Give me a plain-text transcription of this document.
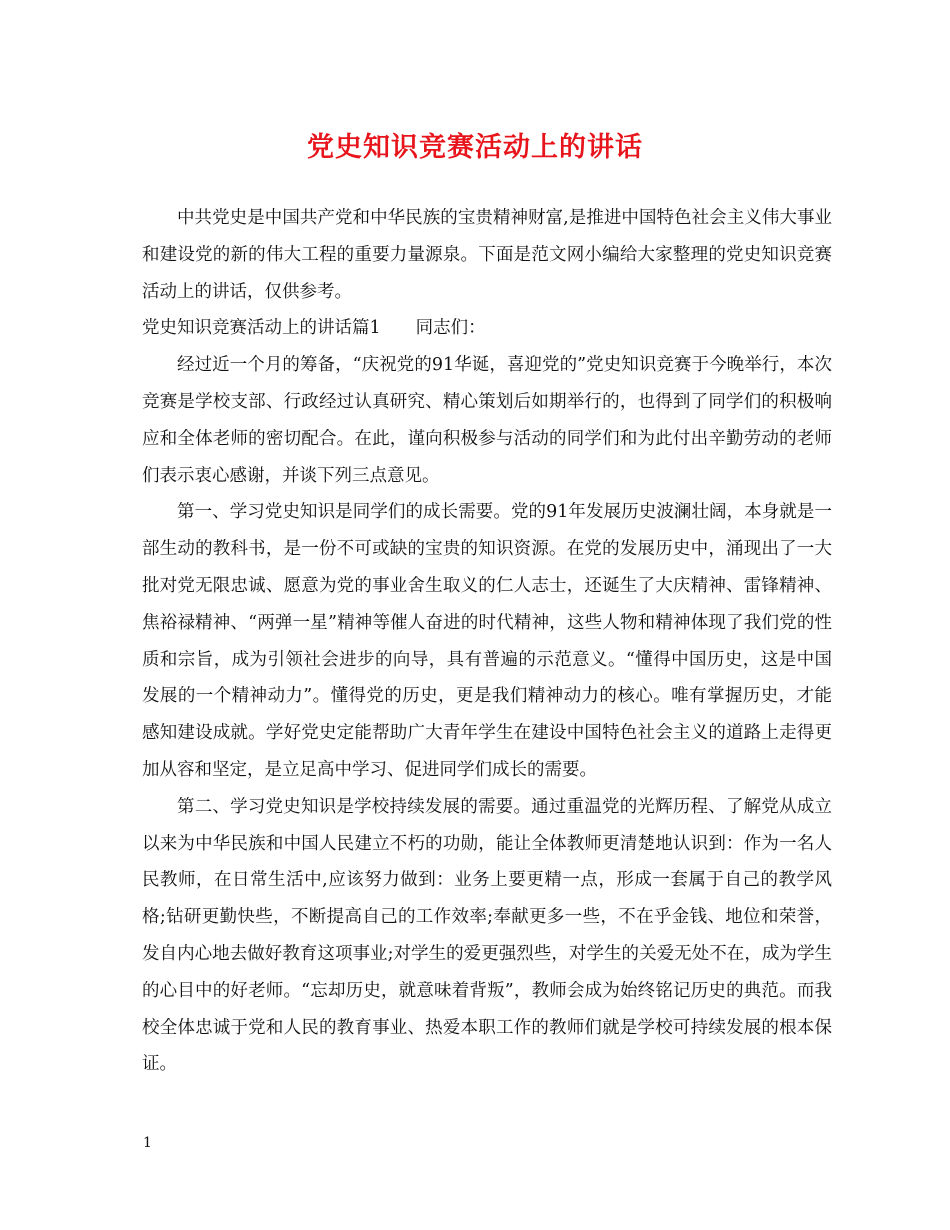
党史知识竞赛活动上的讲话

中共党史是中国共产党和中华民族的宝贵精神财富,是推进中国特色社会主义伟大事业和建设党的新的伟大工程的重要力量源泉。下面是范文网小编给大家整理的党史知识竞赛活动上的讲话，仅供参考。

党史知识竞赛活动上的讲话篇1　　同志们：

经过近一个月的筹备，“庆祝党的91华诞，喜迎党的”党史知识竞赛于今晚举行，本次竞赛是学校支部、行政经过认真研究、精心策划后如期举行的，也得到了同学们的积极响应和全体老师的密切配合。在此，谨向积极参与活动的同学们和为此付出辛勤劳动的老师们表示衷心感谢，并谈下列三点意见。

第一、学习党史知识是同学们的成长需要。党的91年发展历史波澜壮阔，本身就是一部生动的教科书，是一份不可或缺的宝贵的知识资源。在党的发展历史中，涌现出了一大批对党无限忠诚、愿意为党的事业舍生取义的仁人志士，还诞生了大庆精神、雷锋精神、焦裕禄精神、“两弹一星”精神等催人奋进的时代精神，这些人物和精神体现了我们党的性质和宗旨，成为引领社会进步的向导，具有普遍的示范意义。“懂得中国历史，这是中国发展的一个精神动力”。懂得党的历史，更是我们精神动力的核心。唯有掌握历史，才能感知建设成就。学好党史定能帮助广大青年学生在建设中国特色社会主义的道路上走得更加从容和坚定，是立足高中学习、促进同学们成长的需要。

第二、学习党史知识是学校持续发展的需要。通过重温党的光辉历程、了解党从成立以来为中华民族和中国人民建立不朽的功勋，能让全体教师更清楚地认识到：作为一名人民教师，在日常生活中,应该努力做到：业务上要更精一点，形成一套属于自己的教学风格;钻研更勤快些，不断提高自己的工作效率;奉献更多一些，不在乎金钱、地位和荣誉，发自内心地去做好教育这项事业;对学生的爱更强烈些，对学生的关爱无处不在，成为学生的心目中的好老师。“忘却历史，就意味着背叛”，教师会成为始终铭记历史的典范。而我校全体忠诚于党和人民的教育事业、热爱本职工作的教师们就是学校可持续发展的根本保证。

1
